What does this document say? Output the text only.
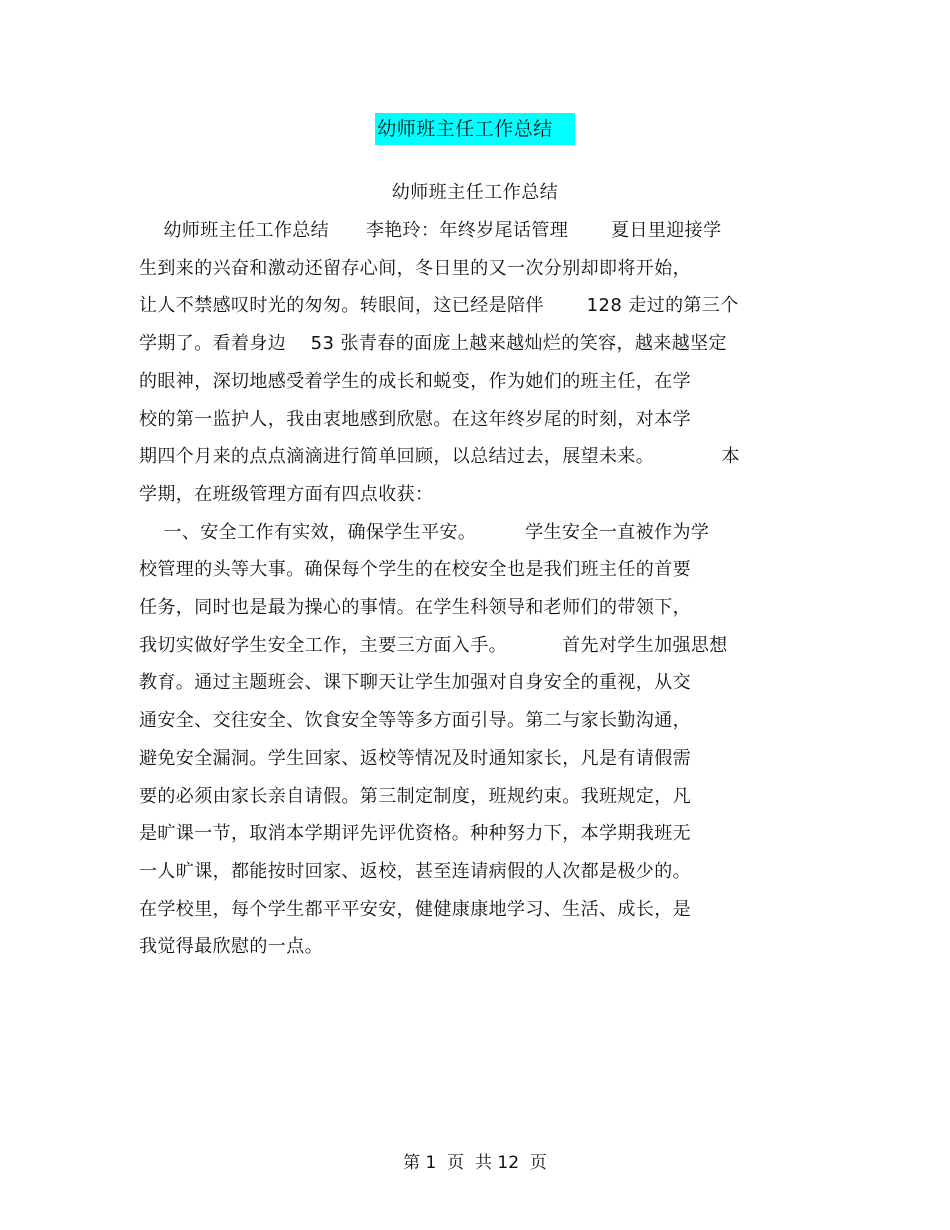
幼师班主任工作总结
幼师班主任工作总结
幼师班主任工作总结      李艳玲：年终岁尾话管理       夏日里迎接学
生到来的兴奋和激动还留存心间，冬日里的又一次分别却即将开始，
让人不禁感叹时光的匆匆。转眼间，这已经是陪伴       128 走过的第三个
学期了。看着身边    53 张青春的面庞上越来越灿烂的笑容，越来越坚定
的眼神，深切地感受着学生的成长和蜕变，作为她们的班主任，在学
校的第一监护人，我由衷地感到欣慰。在这年终岁尾的时刻，对本学
期四个月来的点点滴滴进行简单回顾，以总结过去，展望未来。           本
学期，在班级管理方面有四点收获：
一、安全工作有实效，确保学生平安。        学生安全一直被作为学
校管理的头等大事。确保每个学生的在校安全也是我们班主任的首要
任务，同时也是最为操心的事情。在学生科领导和老师们的带领下，
我切实做好学生安全工作，主要三方面入手。         首先对学生加强思想
教育。通过主题班会、课下聊天让学生加强对自身安全的重视，从交
通安全、交往安全、饮食安全等等多方面引导。第二与家长勤沟通，
避免安全漏洞。学生回家、返校等情况及时通知家长，凡是有请假需
要的必须由家长亲自请假。第三制定制度，班规约束。我班规定，凡
是旷课一节，取消本学期评先评优资格。种种努力下，本学期我班无
一人旷课，都能按时回家、返校，甚至连请病假的人次都是极少的。
在学校里，每个学生都平平安安，健健康康地学习、生活、成长，是
我觉得最欣慰的一点。
第 1  页  共 12  页
